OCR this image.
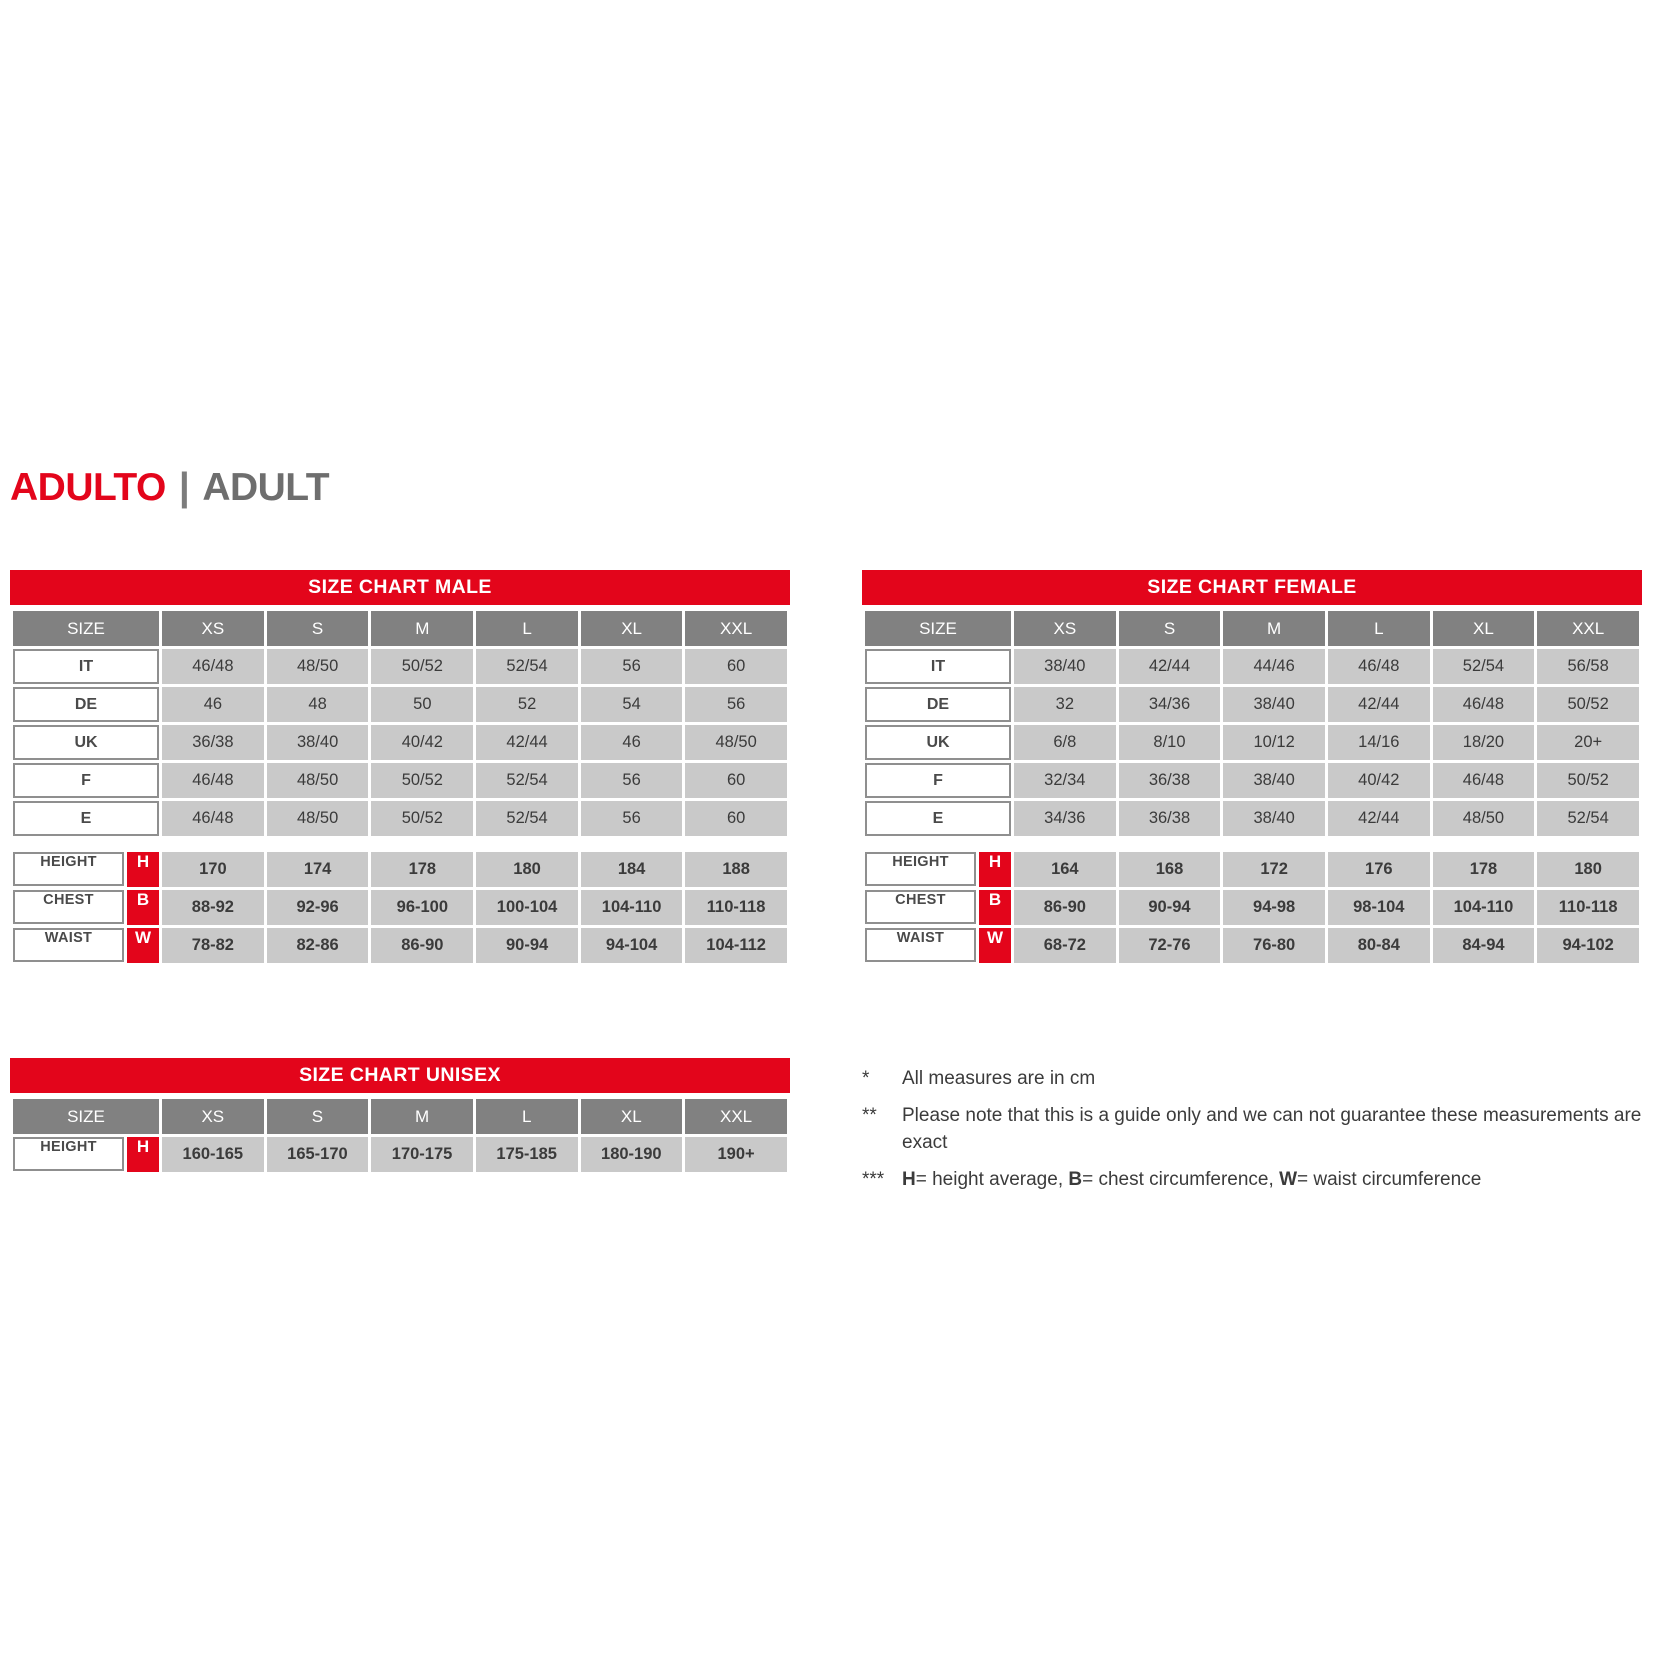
ADULTO | ADULT
SIZE CHART MALE
SIZE	XS	S	M	L	XL	XXL
IT	46/48	48/50	50/52	52/54	56	60
DE	46	48	50	52	54	56
UK	36/38	38/40	40/42	42/44	46	48/50
F	46/48	48/50	50/52	52/54	56	60
E	46/48	48/50	50/52	52/54	56	60

HEIGHT H	170	174	178	180	184	188

CHEST B	88-92	92-96	96-100	100-104	104-110	110-118

WAIST W	78-82	82-86	86-90	90-94	94-104	104-112
SIZE CHART FEMALE
SIZE	XS	S	M	L	XL	XXL
IT	38/40	42/44	44/46	46/48	52/54	56/58
DE	32	34/36	38/40	42/44	46/48	50/52
UK	6/8	8/10	10/12	14/16	18/20	20+
F	32/34	36/38	38/40	40/42	46/48	50/52
E	34/36	36/38	38/40	42/44	48/50	52/54

HEIGHT H	164	168	172	176	178	180

CHEST B	86-90	90-94	94-98	98-104	104-110	110-118

WAIST W	68-72	72-76	76-80	80-84	84-94	94-102
SIZE CHART UNISEX
SIZE	XS	S	M	L	XL	XXL

HEIGHT H	160-165	165-170	170-175	175-185	180-190	190+
*	All measures are in cm
**	Please note that this is a guide only and we can not guarantee these measurements are exact
*** H= height average, B= chest circumference, W= waist circumference
